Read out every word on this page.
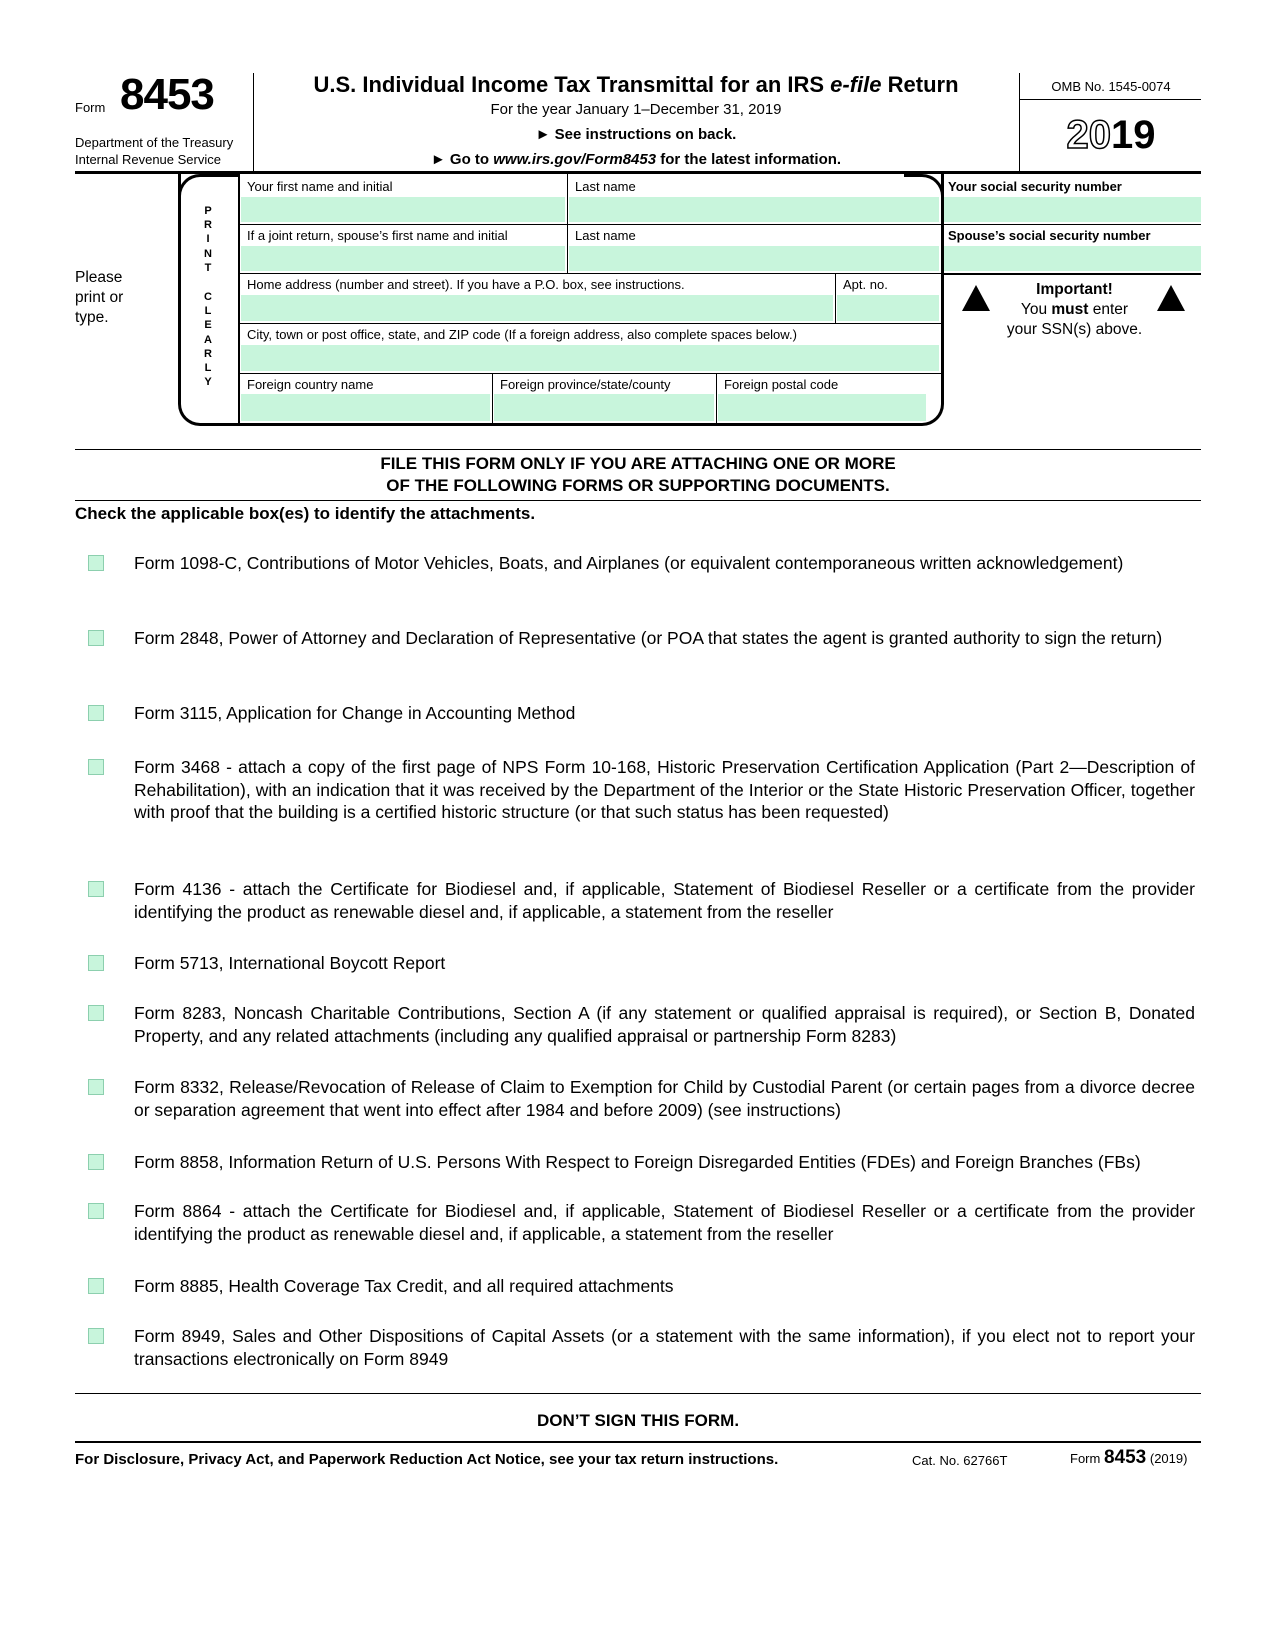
Form 8453
Department of the Treasury
Internal Revenue Service
U.S. Individual Income Tax Transmittal for an IRS e-file Return
For the year January 1–December 31, 2019
► See instructions on back.
► Go to www.irs.gov/Form8453 for the latest information.
OMB No. 1545-0074
2019
Please
print or
type.
P
R
I
N
T
C
L
E
A
R
L
Y
Your first name and initial	Last name
If a joint return, spouse’s first name and initial	Last name
Home address (number and street). If you have a P.O. box, see instructions.	Apt. no.
City, town or post office, state, and ZIP code (If a foreign address, also complete spaces below.)
Foreign country name	Foreign province/state/county	Foreign postal code
Your social security number
Spouse’s social security number
Important!
You must enter
your SSN(s) above.
FILE THIS FORM ONLY IF YOU ARE ATTACHING ONE OR MORE
OF THE FOLLOWING FORMS OR SUPPORTING DOCUMENTS.
Check the applicable box(es) to identify the attachments.
Form 1098-C, Contributions of Motor Vehicles, Boats, and Airplanes (or equivalent contemporaneous written acknowledgement)
Form 2848, Power of Attorney and Declaration of Representative (or POA that states the agent is granted authority to sign the return)
Form 3115, Application for Change in Accounting Method
Form 3468 - attach a copy of the first page of NPS Form 10-168, Historic Preservation Certification Application (Part 2—Description of Rehabilitation), with an indication that it was received by the Department of the Interior or the State Historic Preservation Officer, together with proof that the building is a certified historic structure (or that such status has been requested)
Form 4136 - attach the Certificate for Biodiesel and, if applicable, Statement of Biodiesel Reseller or a certificate from the provider identifying the product as renewable diesel and, if applicable, a statement from the reseller
Form 5713, International Boycott Report
Form 8283, Noncash Charitable Contributions, Section A (if any statement or qualified appraisal is required), or Section B, Donated Property, and any related attachments (including any qualified appraisal or partnership Form 8283)
Form 8332, Release/Revocation of Release of Claim to Exemption for Child by Custodial Parent (or certain pages from a divorce decree or separation agreement that went into effect after 1984 and before 2009) (see instructions)
Form 8858, Information Return of U.S. Persons With Respect to Foreign Disregarded Entities (FDEs) and Foreign Branches (FBs)
Form 8864 - attach the Certificate for Biodiesel and, if applicable, Statement of Biodiesel Reseller or a certificate from the provider identifying the product as renewable diesel and, if applicable, a statement from the reseller
Form 8885, Health Coverage Tax Credit, and all required attachments
Form 8949, Sales and Other Dispositions of Capital Assets (or a statement with the same information), if you elect not to report your transactions electronically on Form 8949
DON’T SIGN THIS FORM.
For Disclosure, Privacy Act, and Paperwork Reduction Act Notice, see your tax return instructions.	Cat. No. 62766T	Form 8453 (2019)
